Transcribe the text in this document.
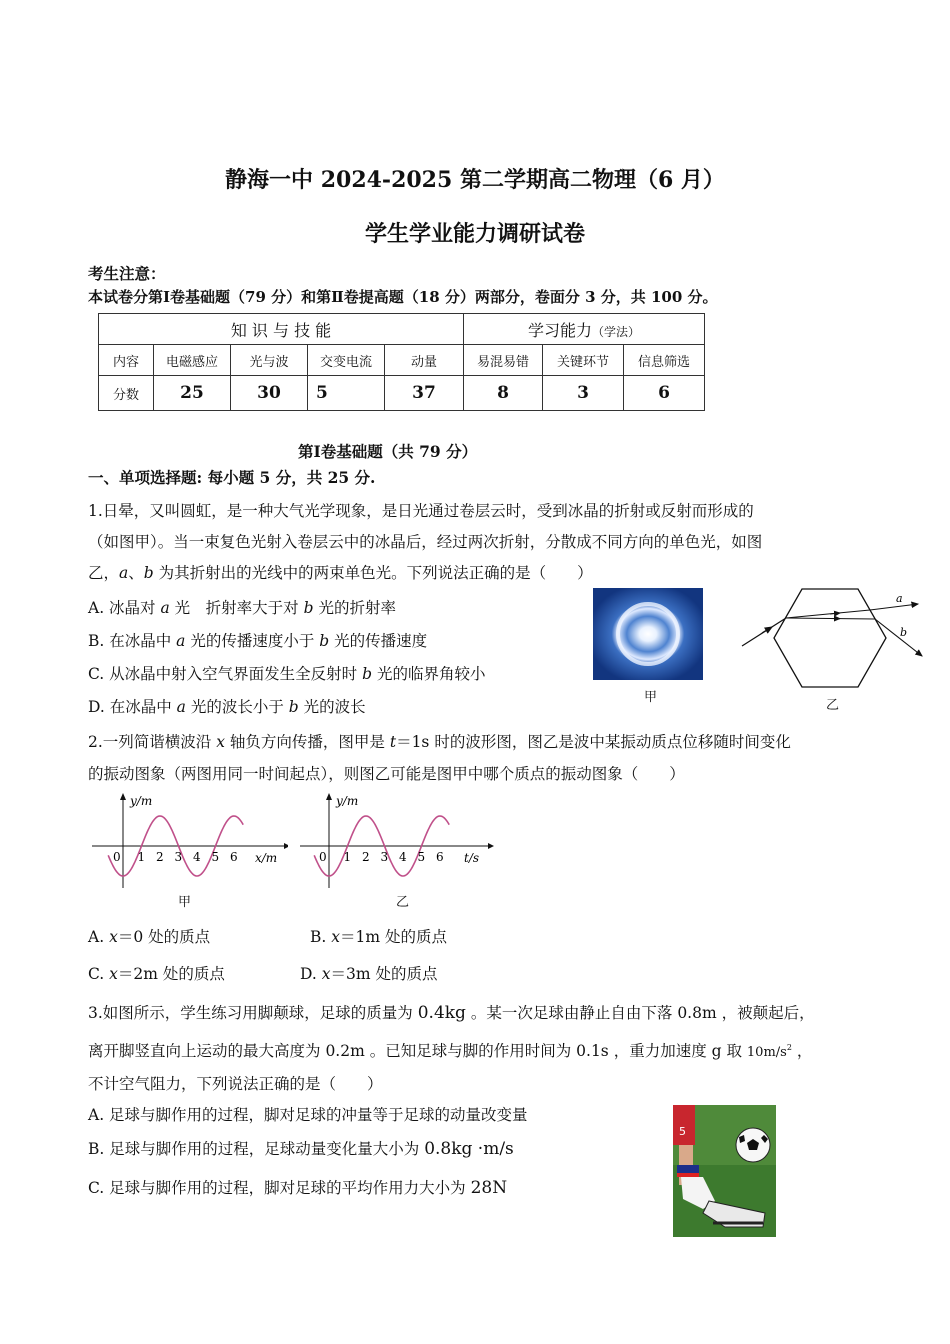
静海一中 2024-2025 第二学期高二物理（6 月）
学生学业能力调研试卷
考生注意：
本试卷分第Ⅰ卷基础题（79 分）和第Ⅱ卷提高题（18 分）两部分，卷面分 3 分，共 100 分。
知 识 与 技 能					学习能力（学法）		
内容	电磁感应	光与波	交变电流	动量	易混易错	关键环节	信息筛选
分数	25	30	5	37	8	3	6
第Ⅰ卷基础题（共 79 分）
一、单项选择题: 每小题 5 分，共 25 分.
1.日晕，又叫圆虹，是一种大气光学现象，是日光通过卷层云时，受到冰晶的折射或反射而形成的
（如图甲）。当一束复色光射入卷层云中的冰晶后，经过两次折射，分散成不同方向的单色光，如图
乙，a、b 为其折射出的光线中的两束单色光。下列说法正确的是（　　）
A. 冰晶对 a 光　折射率大于对 b 光的折射率
B. 在冰晶中 a 光的传播速度小于 b 光的传播速度
C. 从冰晶中射入空气界面发生全反射时 b 光的临界角较小
D. 在冰晶中 a 光的波长小于 b 光的波长
甲
a
b
乙
2.一列简谐横波沿 x 轴负方向传播，图甲是 t＝1s 时的波形图，图乙是波中某振动质点位移随时间变化
的振动图象（两图用同一时间起点），则图乙可能是图甲中哪个质点的振动图象（　　）
y/m
x/m
0 1 2 3 4 5 6
甲
y/m
t/s
0 1 2 3 4 5 6
乙
A. x＝0 处的质点	B. x＝1m 处的质点
C. x＝2m 处的质点	D. x＝3m 处的质点
3.如图所示，学生练习用脚颠球，足球的质量为 0.4kg 。某一次足球由静止自由下落 0.8m ，被颠起后，
离开脚竖直向上运动的最大高度为 0.2m 。已知足球与脚的作用时间为 0.1s ，重力加速度 g 取 $10m/s^2$ ，
不计空气阻力，下列说法正确的是（　　）
A. 足球与脚作用的过程，脚对足球的冲量等于足球的动量改变量
B. 足球与脚作用的过程，足球动量变化量大小为 0.8kg ·m/s
C. 足球与脚作用的过程，脚对足球的平均作用力大小为 28N
5
